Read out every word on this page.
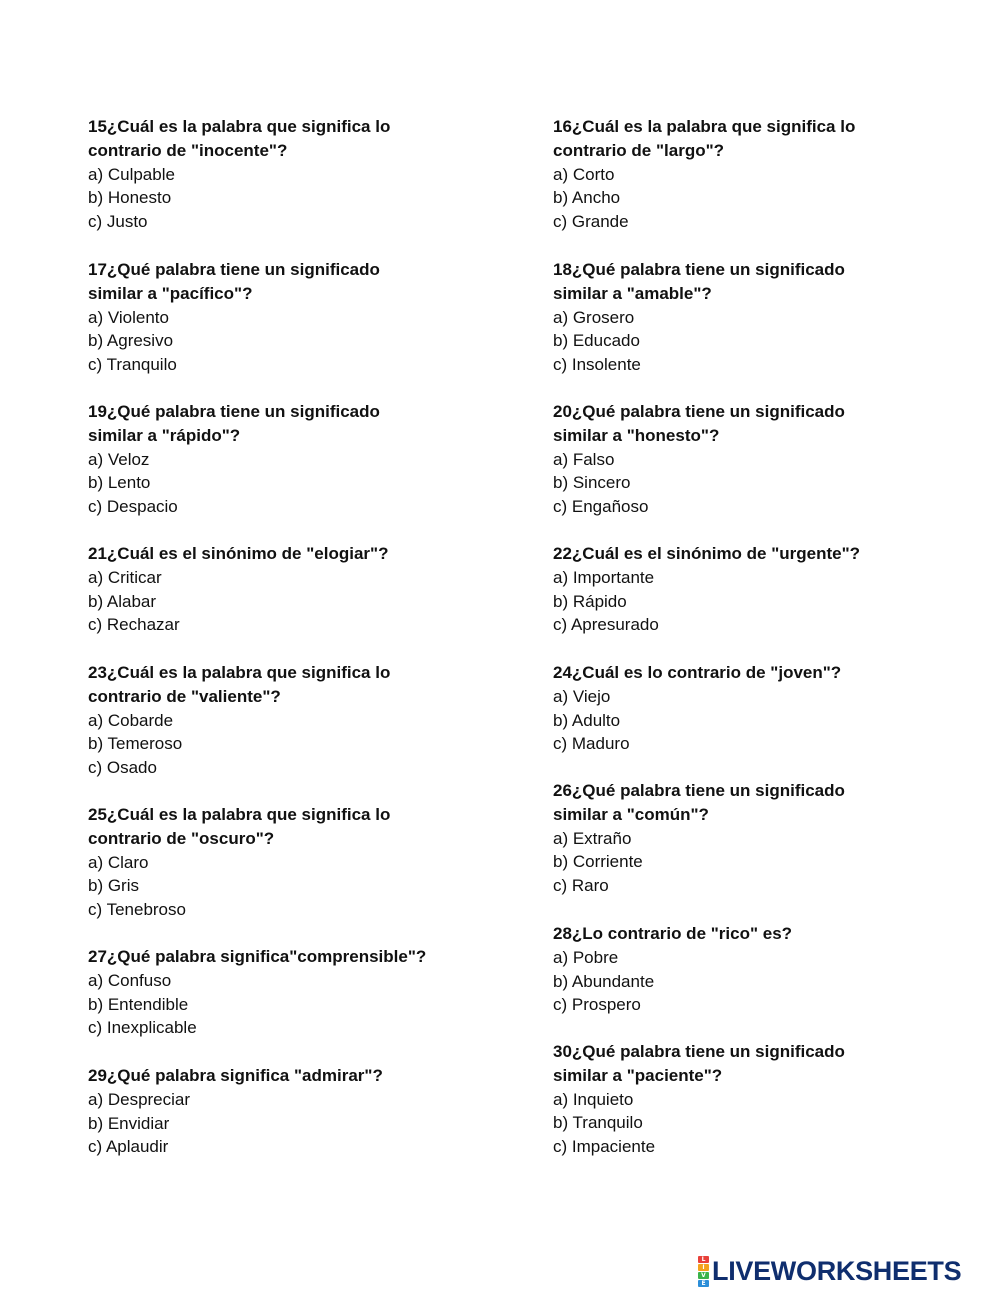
15¿Cuál es la palabra que significa lo
contrario de "inocente"?
a) Culpable
b) Honesto
c) Justo
17¿Qué palabra tiene un significado
similar a "pacífico"?
a) Violento
b) Agresivo
c) Tranquilo
19¿Qué palabra tiene un significado
similar a "rápido"?
a) Veloz
b) Lento
c) Despacio
21¿Cuál es el sinónimo de "elogiar"?
a) Criticar
b) Alabar
c) Rechazar
23¿Cuál es la palabra que significa lo
contrario de "valiente"?
a) Cobarde
b) Temeroso
c) Osado
25¿Cuál es la palabra que significa lo
contrario de "oscuro"?
a) Claro
b) Gris
c) Tenebroso
27¿Qué palabra significa"comprensible"?
a) Confuso
b) Entendible
c) Inexplicable
29¿Qué palabra significa "admirar"?
a) Despreciar
b) Envidiar
c) Aplaudir
16¿Cuál es la palabra que significa lo
contrario de "largo"?
a) Corto
b) Ancho
c) Grande
18¿Qué palabra tiene un significado
similar a "amable"?
a) Grosero
b) Educado
c) Insolente
20¿Qué palabra tiene un significado
similar a "honesto"?
a) Falso
b) Sincero
c) Engañoso
22¿Cuál es el sinónimo de "urgente"?
a) Importante
b) Rápido
c) Apresurado
24¿Cuál es lo contrario de "joven"?
a) Viejo
b) Adulto
c) Maduro
26¿Qué palabra tiene un significado
similar a "común"?
a) Extraño
b) Corriente
c) Raro
28¿Lo contrario de "rico" es?
a) Pobre
b) Abundante
c) Prospero
30¿Qué palabra tiene un significado
similar a "paciente"?
a) Inquieto
b) Tranquilo
c) Impaciente
L
I
V
E LIVEWORKSHEETS
